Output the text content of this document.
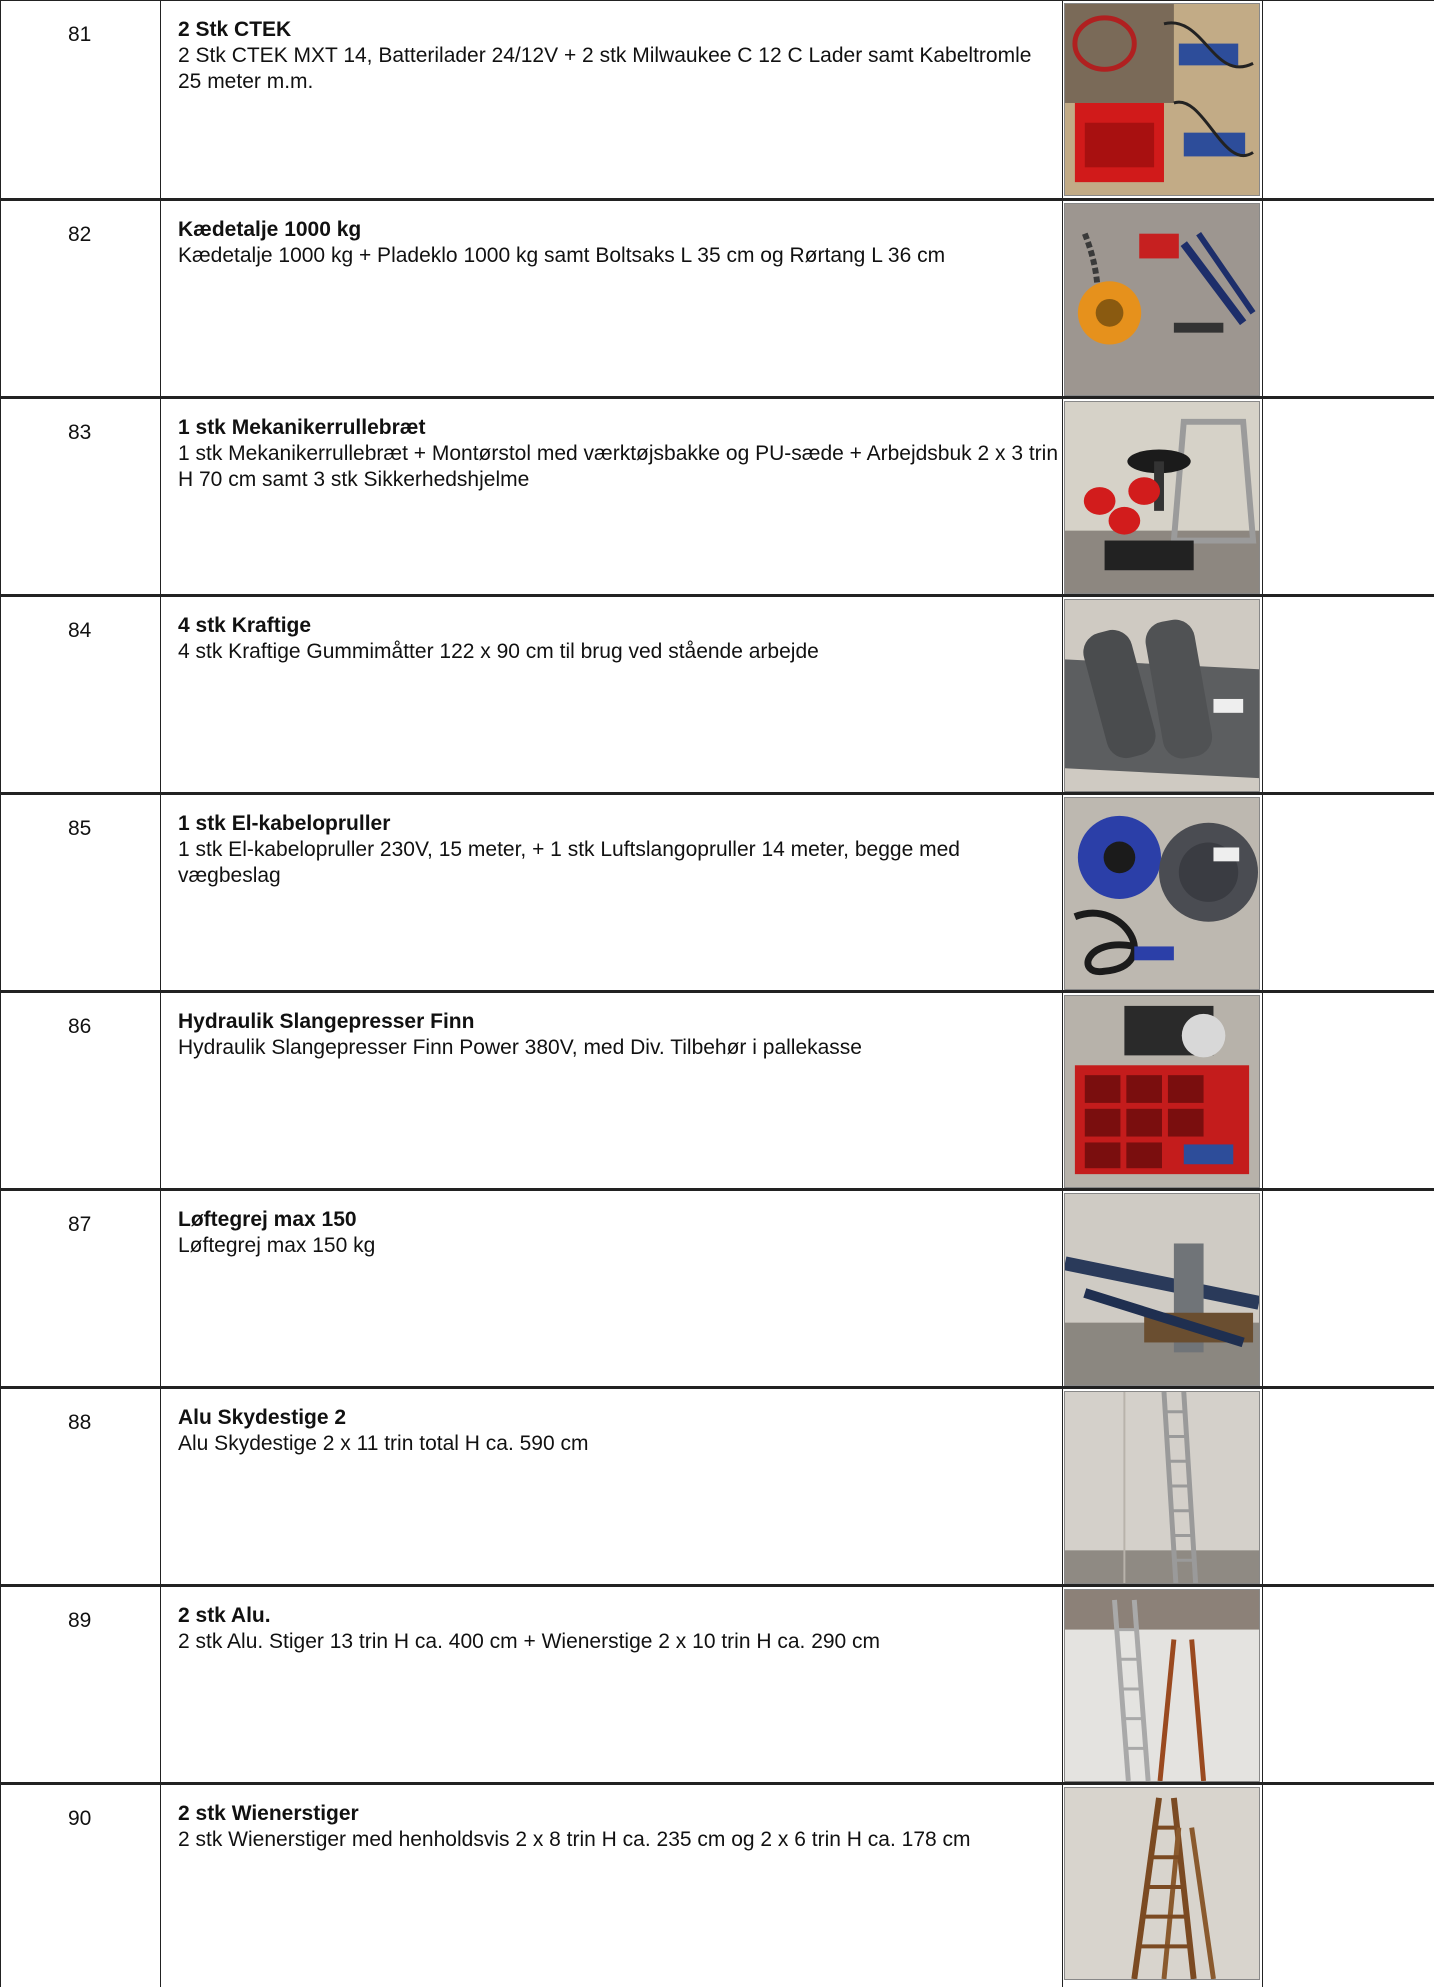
81	2 Stk CTEK
2 Stk CTEK MXT 14, Batterilader 24/12V + 2 stk Milwaukee C 12 C Lader samt Kabeltromle 25 meter m.m.
82	Kædetalje 1000 kg
Kædetalje 1000 kg + Pladeklo 1000 kg samt Boltsaks L 35 cm og Rørtang L 36 cm
83	1 stk Mekanikerrullebræt
1 stk Mekanikerrullebræt + Montørstol med værktøjsbakke og PU-sæde + Arbejdsbuk 2 x 3 trin H 70 cm samt 3 stk Sikkerhedshjelme
84	4 stk Kraftige
4 stk Kraftige Gummimåtter 122 x 90 cm til brug ved stående arbejde
85	1 stk El-kabelopruller
1 stk El-kabelopruller 230V, 15 meter, + 1 stk Luftslangopruller 14 meter, begge med vægbeslag
86	Hydraulik Slangepresser Finn
Hydraulik Slangepresser Finn Power 380V, med Div. Tilbehør i pallekasse
87	Løftegrej max 150
Løftegrej max 150 kg
88	Alu Skydestige 2
Alu Skydestige 2 x 11 trin total H ca. 590 cm
89	2 stk Alu.
2 stk Alu. Stiger 13 trin H ca. 400 cm + Wienerstige 2 x 10 trin H ca. 290 cm
90	2 stk Wienerstiger
2 stk Wienerstiger med henholdsvis 2 x 8 trin H ca. 235 cm og 2 x 6 trin H ca. 178 cm
